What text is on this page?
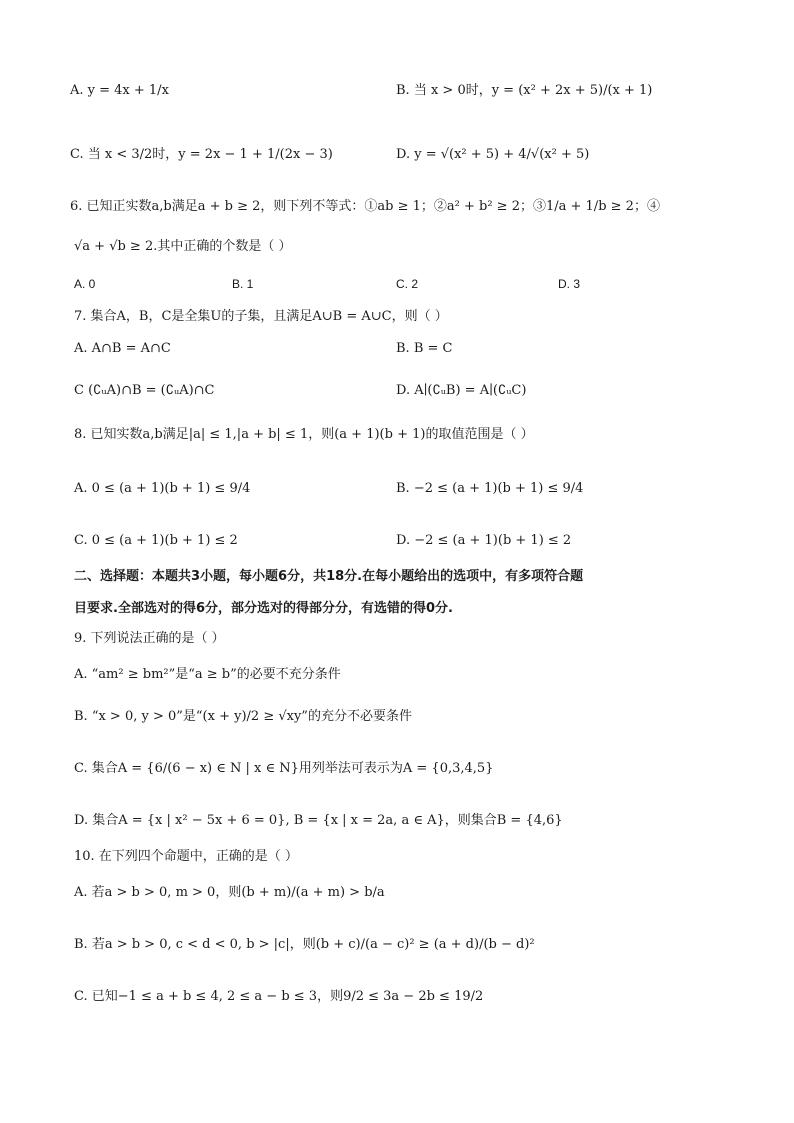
A. y = 4x + 1/x	B. 当 x > 0时，y = (x² + 2x + 5)/(x + 1)
C. 当 x < 3/2时，y = 2x − 1 + 1/(2x − 3)	D. y = √(x² + 5) + 4/√(x² + 5)
6. 已知正实数a,b满足a + b ≥ 2，则下列不等式：①ab ≥ 1；②a² + b² ≥ 2；③1/a + 1/b ≥ 2；④
√a + √b ≥ 2.其中正确的个数是（ ）
A. 0	B. 1	C. 2	D. 3
7. 集合A，B，C是全集U的子集，且满足A∪B = A∪C，则（ ）
A. A∩B = A∩C	B. B = C
C (∁ᵤA)∩B = (∁ᵤA)∩C	D. A∣(∁ᵤB) = A∣(∁ᵤC)
8. 已知实数a,b满足|a| ≤ 1,|a + b| ≤ 1，则(a + 1)(b + 1)的取值范围是（ ）
A. 0 ≤ (a + 1)(b + 1) ≤ 9/4	B. −2 ≤ (a + 1)(b + 1) ≤ 9/4
C. 0 ≤ (a + 1)(b + 1) ≤ 2	D. −2 ≤ (a + 1)(b + 1) ≤ 2
二、选择题：本题共3小题，每小题6分，共18分.在每小题给出的选项中，有多项符合题
目要求.全部选对的得6分，部分选对的得部分分，有选错的得0分.
9. 下列说法正确的是（ ）
A. “am² ≥ bm²”是“a ≥ b”的必要不充分条件
B. “x > 0, y > 0”是“(x + y)/2 ≥ √xy”的充分不必要条件
C. 集合A = {6/(6 − x) ∈ N | x ∈ N}用列举法可表示为A = {0,3,4,5}
D. 集合A = {x | x² − 5x + 6 = 0}, B = {x | x = 2a, a ∈ A}，则集合B = {4,6}
10. 在下列四个命题中，正确的是（ ）
A. 若a > b > 0, m > 0，则(b + m)/(a + m) > b/a
B. 若a > b > 0, c < d < 0, b > |c|，则(b + c)/(a − c)² ≥ (a + d)/(b − d)²
C. 已知−1 ≤ a + b ≤ 4, 2 ≤ a − b ≤ 3，则9/2 ≤ 3a − 2b ≤ 19/2
